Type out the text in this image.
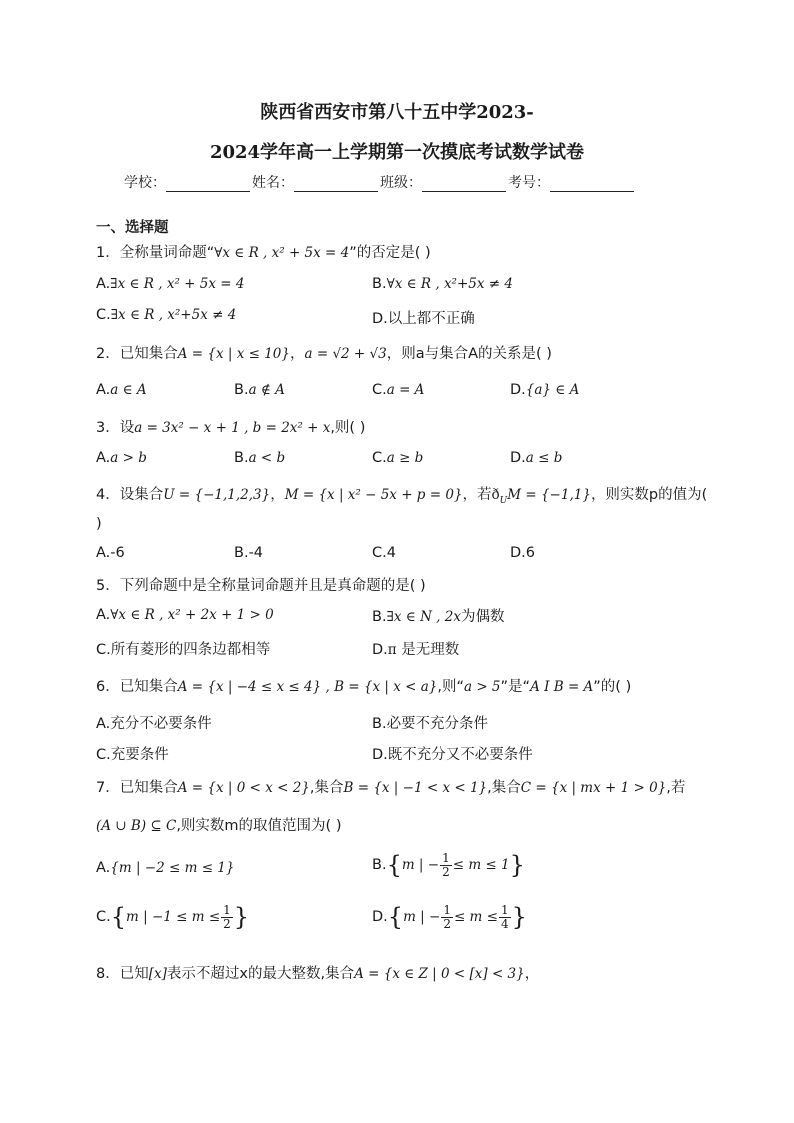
陕西省西安市第八十五中学2023-
2024学年高一上学期第一次摸底考试数学试卷
学校：	姓名：	班级：	考号：
一、选择题
1．全称量词命题“∀x ∈ R , x² + 5x = 4”的否定是( )
A.∃x ∈ R , x² + 5x = 4	B.∀x ∈ R , x²+5x ≠ 4
C.∃x ∈ R , x²+5x ≠ 4	D.以上都不正确
2．已知集合A = {x | x ≤ 10}，a = √2 + √3，则a与集合A的关系是( )
A.a ∈ A	B.a ∉ A	C.a = A	D.{a} ∈ A
3．设a = 3x² − x + 1 , b = 2x² + x,则( )
A.a > b	B.a < b	C.a ≥ b	D.a ≤ b
4．设集合U = {−1,1,2,3}，M = {x | x² − 5x + p = 0}，若$ð_UM = \{-1,1\}$，则实数p的值为(
)
A.-6	B.-4	C.4	D.6
5．下列命题中是全称量词命题并且是真命题的是( )
A.∀x ∈ R , x² + 2x + 1 > 0	B.∃x ∈ N , 2x为偶数
C.所有菱形的四条边都相等	D.π 是无理数
6．已知集合A = {x | −4 ≤ x ≤ 4} , B = {x | x < a},则“a > 5”是“A I B = A”的( )
A.充分不必要条件	B.必要不充分条件
C.充要条件	D.既不充分又不必要条件
7．已知集合A = {x | 0 < x < 2},集合B = {x | −1 < x < 1},集合C = {x | mx + 1 > 0},若
(A ∪ B) ⊆ C,则实数m的取值范围为( )
A.{m | −2 ≤ m ≤ 1}	B.{m | − $\frac{1}{2} \le m \le 1$}
C.{m | $-1 \le m \le \frac{1}{2}$ }	D.{m | − $\frac{1}{2} \le m \le \frac{1}{4}$ }
8．已知[x]表示不超过x的最大整数,集合A = {x ∈ Z | 0 < [x] < 3}，
